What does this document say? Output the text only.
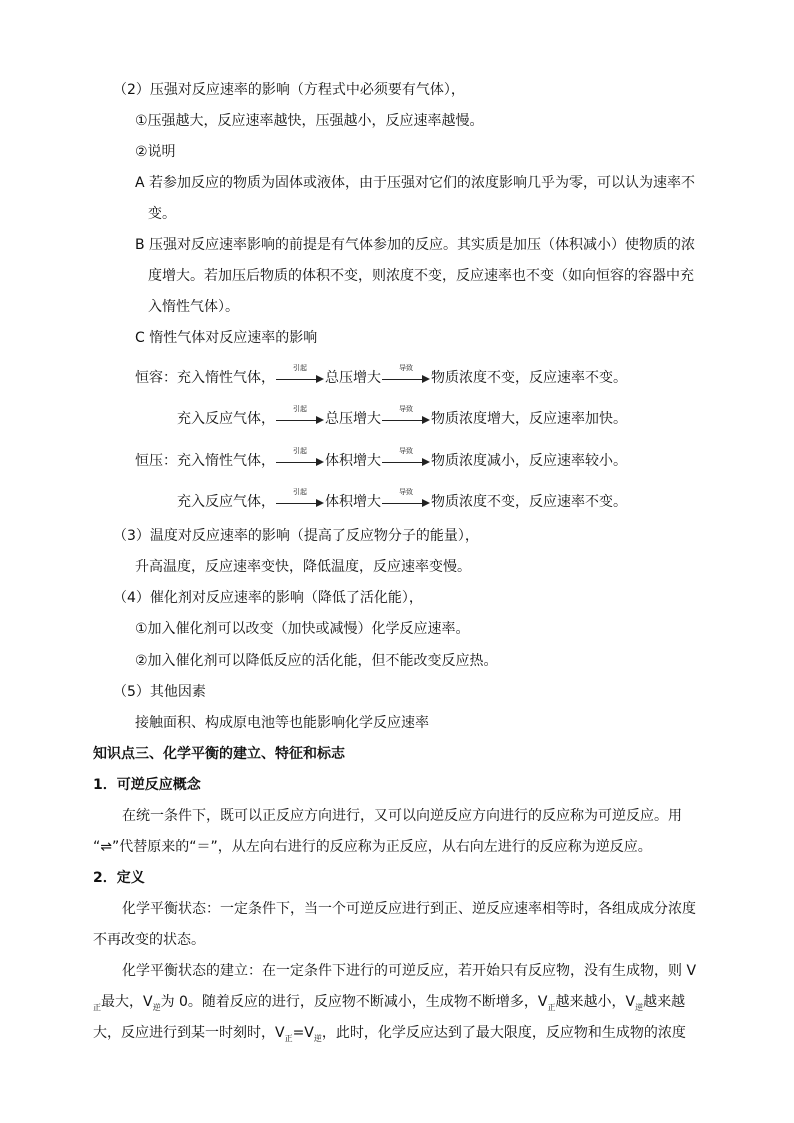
（2）压强对反应速率的影响（方程式中必须要有气体），
①压强越大，反应速率越快，压强越小，反应速率越慢。
②说明
A 若参加反应的物质为固体或液体，由于压强对它们的浓度影响几乎为零，可以认为速率不
变。
B 压强对反应速率影响的前提是有气体参加的反应。其实质是加压（体积减小）使物质的浓
度增大。若加压后物质的体积不变，则浓度不变，反应速率也不变（如向恒容的容器中充
入惰性气体）。
C 惰性气体对反应速率的影响
恒容：充入惰性气体，
引起
总压增大
导致
物质浓度不变，反应速率不变。
充入反应气体，
引起
总压增大
导致
物质浓度增大，反应速率加快。
恒压：充入惰性气体，
引起
体积增大
导致
物质浓度减小，反应速率较小。
充入反应气体，
引起
体积增大
导致
物质浓度不变，反应速率不变。
（3）温度对反应速率的影响（提高了反应物分子的能量），
升高温度，反应速率变快，降低温度，反应速率变慢。
（4）催化剂对反应速率的影响（降低了活化能），
①加入催化剂可以改变（加快或减慢）化学反应速率。
②加入催化剂可以降低反应的活化能，但不能改变反应热。
（5）其他因素
接触面积、构成原电池等也能影响化学反应速率
知识点三、化学平衡的建立、特征和标志
1．可逆反应概念
在统一条件下，既可以正反应方向进行，又可以向逆反应方向进行的反应称为可逆反应。用
“⇌”代替原来的“＝”，从左向右进行的反应称为正反应，从右向左进行的反应称为逆反应。
2．定义
化学平衡状态：一定条件下，当一个可逆反应进行到正、逆反应速率相等时，各组成成分浓度
不再改变的状态。
化学平衡状态的建立：在一定条件下进行的可逆反应，若开始只有反应物，没有生成物，则 V
$_正$最大，$V_逆$为 0。随着反应的进行，反应物不断减小，生成物不断增多，$V_正$越来越小，$V_逆$越来越
大，反应进行到某一时刻时，$V_正=V_逆$，此时，化学反应达到了最大限度，反应物和生成物的浓度
